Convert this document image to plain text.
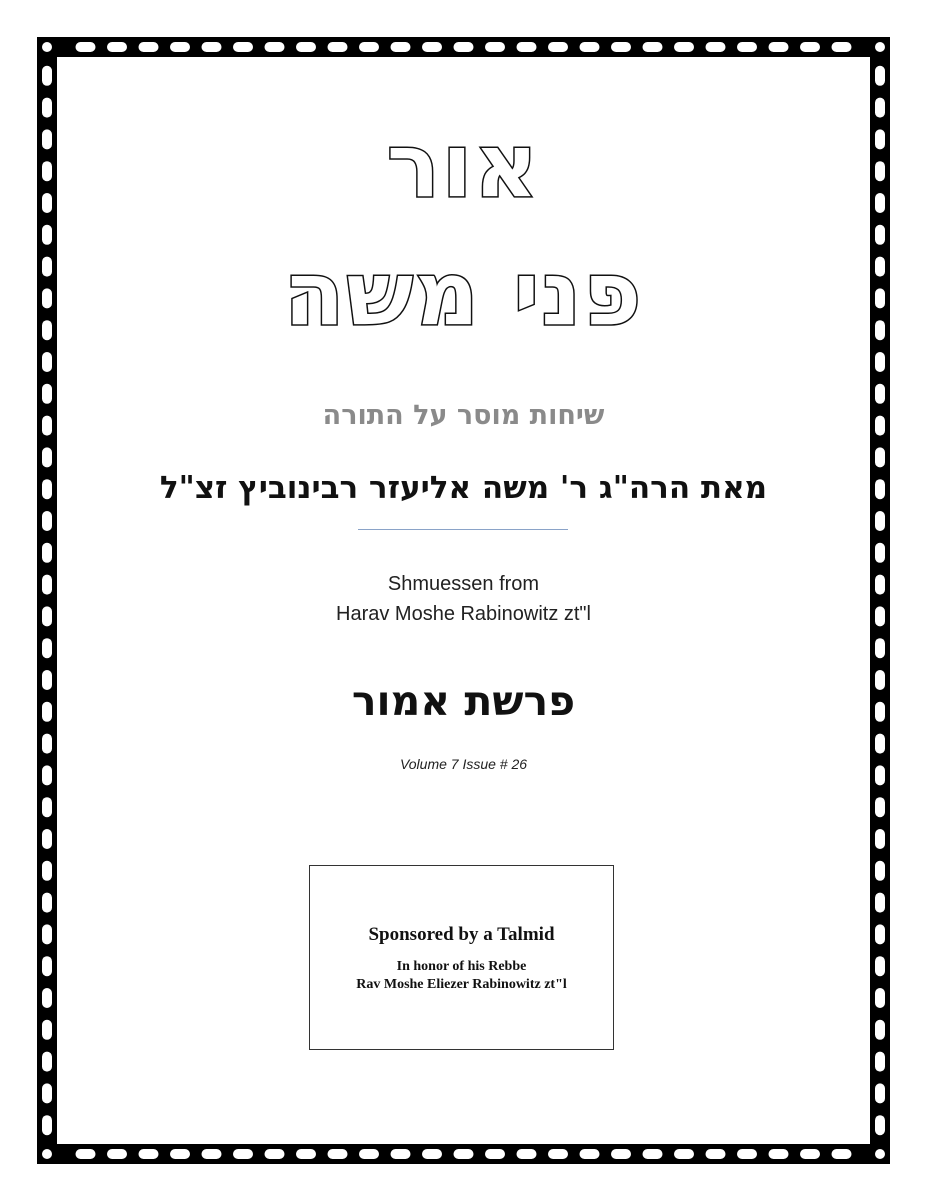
אור
פני משה
שיחות מוסר על התורה
מאת הרה"ג ר' משה אליעזר רבינוביץ זצ"ל
Shmuessen from
Harav Moshe Rabinowitz zt"l
פרשת אמור
Volume 7 Issue # 26
Sponsored by a Talmid
In honor of his Rebbe
Rav Moshe Eliezer Rabinowitz zt"l
